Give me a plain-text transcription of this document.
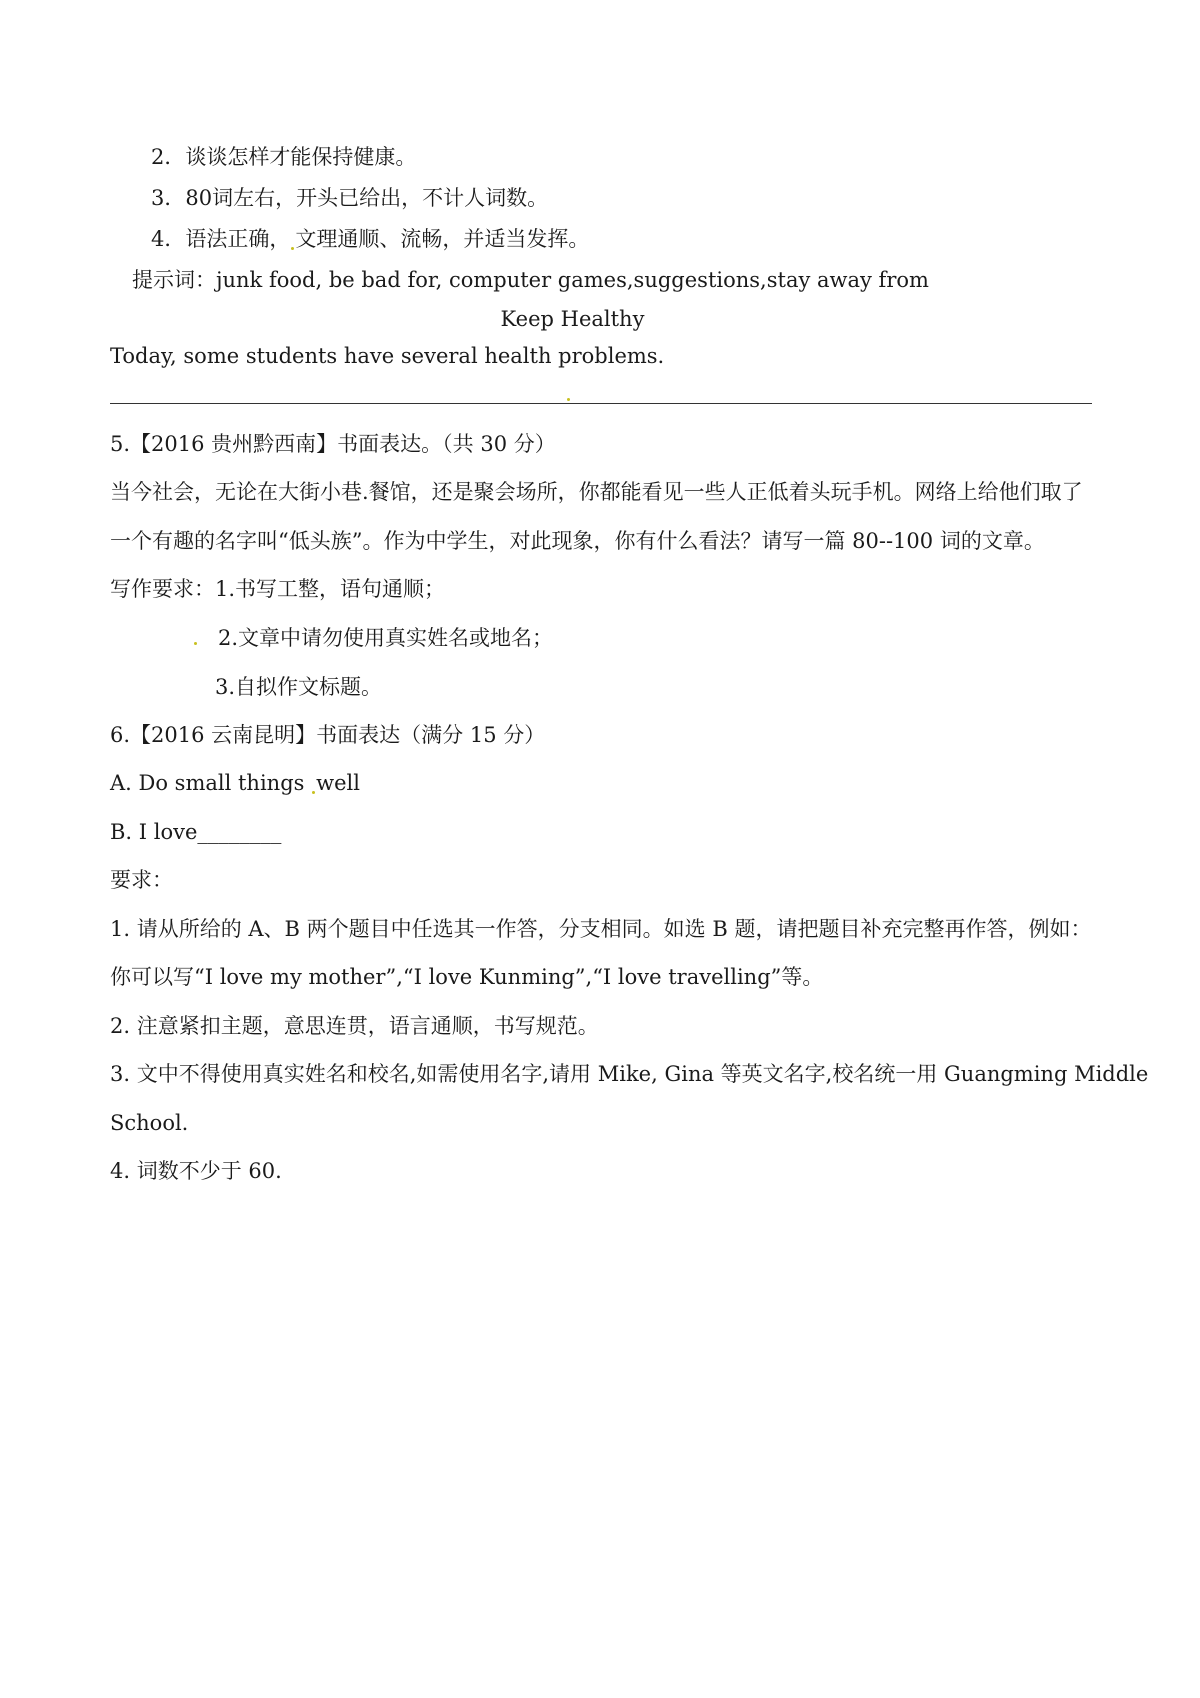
2．谈谈怎样才能保持健康。
3．80词左右，开头已给出，不计人词数。
4．语法正确， 文理通顺、流畅，并适当发挥。
提示词：junk food, be bad for, computer games,suggestions,stay away from
Keep Healthy
Today, some students have several health problems.
5.【2016 贵州黔西南】书面表达。（共 30 分）
当今社会，无论在大街小巷.餐馆，还是聚会场所，你都能看见一些人正低着头玩手机。网络上给他们取了
一个有趣的名字叫“低头族”。作为中学生，对此现象，你有什么看法？请写一篇 80--100 词的文章。
写作要求：1.书写工整，语句通顺；
2.文章中请勿使用真实姓名或地名；
3.自拟作文标题。
6.【2016 云南昆明】书面表达（满分 15 分）
A. Do small things well
B. I love________
要求：
1. 请从所给的 A、B 两个题目中任选其一作答，分支相同。如选 B 题，请把题目补充完整再作答，例如：
你可以写“I love my mother”,“I love Kunming”,“I love travelling”等。
2. 注意紧扣主题，意思连贯，语言通顺，书写规范。
3. 文中不得使用真实姓名和校名,如需使用名字,请用 Mike, Gina 等英文名字,校名统一用 Guangming Middle
School.
4. 词数不少于 60.
